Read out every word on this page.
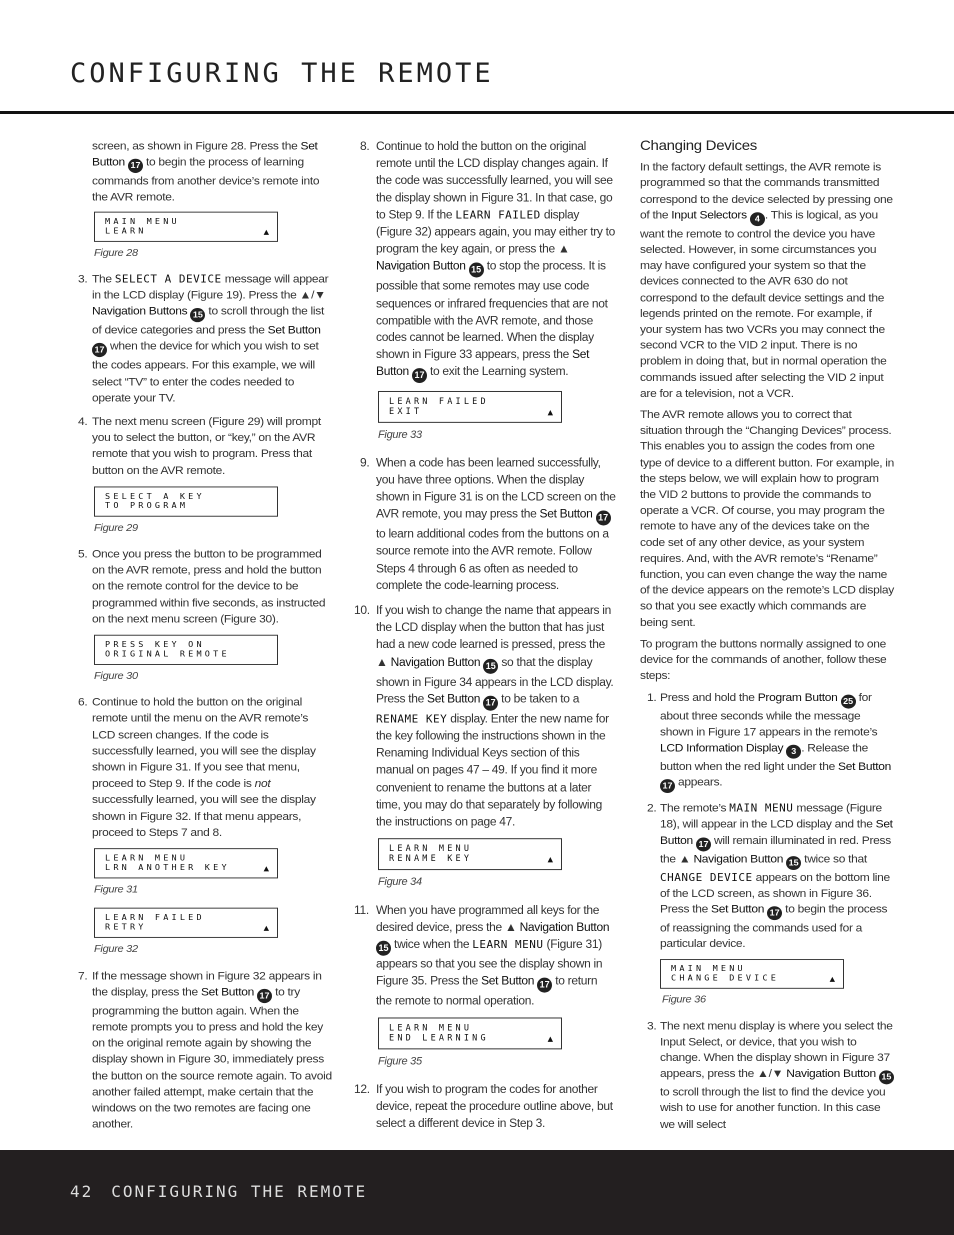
CONFIGURING THE REMOTE

screen, as shown in Figure 28. Press the Set Button 17 to begin the process of learning commands from another device’s remote into the AVR remote.

MAIN MENU
LEARN	▲
Figure 28
3. The SELECT A DEVICE message will appear in the LCD display (Figure 19). Press the ▲/▼ Navigation Buttons 15 to scroll through the list of device categories and press the Set Button 17 when the device for which you wish to set the codes appears. For this example, we will select “TV” to enter the codes needed to operate your TV.
4. The next menu screen (Figure 29) will prompt you to select the button, or “key,” on the AVR remote that you wish to program. Press that button on the AVR remote.
SELECT A KEY
TO PROGRAM
Figure 29
5. Once you press the button to be programmed on the AVR remote, press and hold the button on the remote control for the device to be programmed within five seconds, as instructed on the next menu screen (Figure 30).
PRESS KEY ON
ORIGINAL REMOTE
Figure 30
6. Continue to hold the button on the original remote until the menu on the AVR remote’s LCD screen changes. If the code is successfully learned, you will see the display shown in Figure 31. If you see that menu, proceed to Step 9. If the code is not successfully learned, you will see the display shown in Figure 32. If that menu appears, proceed to Steps 7 and 8.
LEARN MENU
LRN ANOTHER KEY	▲
Figure 31
LEARN FAILED
RETRY	▲
Figure 32
7. If the message shown in Figure 32 appears in the display, press the Set Button 17 to try programming the button again. When the remote prompts you to press and hold the key on the original remote again by showing the display shown in Figure 30, immediately press the button on the source remote again. To avoid another failed attempt, make certain that the windows on the two remotes are facing one another.
8. Continue to hold the button on the original remote until the LCD display changes again. If the code was successfully learned, you will see the display shown in Figure 31. In that case, go to Step 9. If the LEARN FAILED display (Figure 32) appears again, you may either try to program the key again, or press the ▲ Navigation Button 15 to stop the process. It is possible that some remotes may use code sequences or infrared frequencies that are not compatible with the AVR remote, and those codes cannot be learned. When the display shown in Figure 33 appears, press the Set Button 17 to exit the Learning system.
LEARN FAILED
EXIT	▲
Figure 33
9. When a code has been learned successfully, you have three options. When the display shown in Figure 31 is on the LCD screen on the AVR remote, you may press the Set Button 17 to learn additional codes from the buttons on a source remote into the AVR remote. Follow Steps 4 through 6 as often as needed to complete the code-learning process.
10. If you wish to change the name that appears in the LCD display when the button that has just had a new code learned is pressed, press the ▲ Navigation Button 15 so that the display shown in Figure 34 appears in the LCD display. Press the Set Button 17 to be taken to a RENAME KEY display. Enter the new name for the key following the instructions shown in the Renaming Individual Keys section of this manual on pages 47 – 49. If you find it more convenient to rename the buttons at a later time, you may do that separately by following the instructions on page 47.
LEARN MENU
RENAME KEY	▲
Figure 34
11. When you have programmed all keys for the desired device, press the ▲ Navigation Button 15 twice when the LEARN MENU (Figure 31) appears so that you see the display shown in Figure 35. Press the Set Button 17 to return the remote to normal operation.
LEARN MENU
END LEARNING	▲
Figure 35
12. If you wish to program the codes for another device, repeat the procedure outline above, but select a different device in Step 3.
Changing Devices

In the factory default settings, the AVR remote is programmed so that the commands transmitted correspond to the device selected by pressing one of the Input Selectors 4 . This is logical, as you want the remote to control the device you have selected. However, in some circumstances you may have configured your system so that the devices connected to the AVR 630 do not correspond to the default device settings and the legends printed on the remote. For example, if your system has two VCRs you may connect the second VCR to the VID 2 input. There is no problem in doing that, but in normal operation the commands issued after selecting the VID 2 input are for a television, not a VCR.

The AVR remote allows you to correct that situation through the “Changing Devices” process. This enables you to assign the codes from one type of device to a different button. For example, in the steps below, we will explain how to program the VID 2 buttons to provide the commands to operate a VCR. Of course, you may program the remote to have any of the devices take on the code set of any other device, as your system requires. And, with the AVR remote’s “Rename” function, you can even change the way the name of the device appears on the remote’s LCD display so that you see exactly which commands are being sent.

To program the buttons normally assigned to one device for the commands of another, follow these steps:

1. Press and hold the Program Button 25 for about three seconds while the message shown in Figure 17 appears in the remote’s LCD Information Display 3 . Release the button when the red light under the Set Button 17 appears.
2. The remote’s MAIN MENU message (Figure 18), will appear in the LCD display and the Set Button 17 will remain illuminated in red. Press the ▲ Navigation Button 15 twice so that CHANGE DEVICE appears on the bottom line of the LCD screen, as shown in Figure 36. Press the Set Button 17 to begin the process of reassigning the commands used for a particular device.
MAIN MENU
CHANGE DEVICE	▲
Figure 36
3. The next menu display is where you select the Input Select, or device, that you wish to change. When the display shown in Figure 37 appears, press the ▲/▼ Navigation Button 15 to scroll through the list to find the device you wish to use for another function. In this case we will select
42 CONFIGURING THE REMOTE
